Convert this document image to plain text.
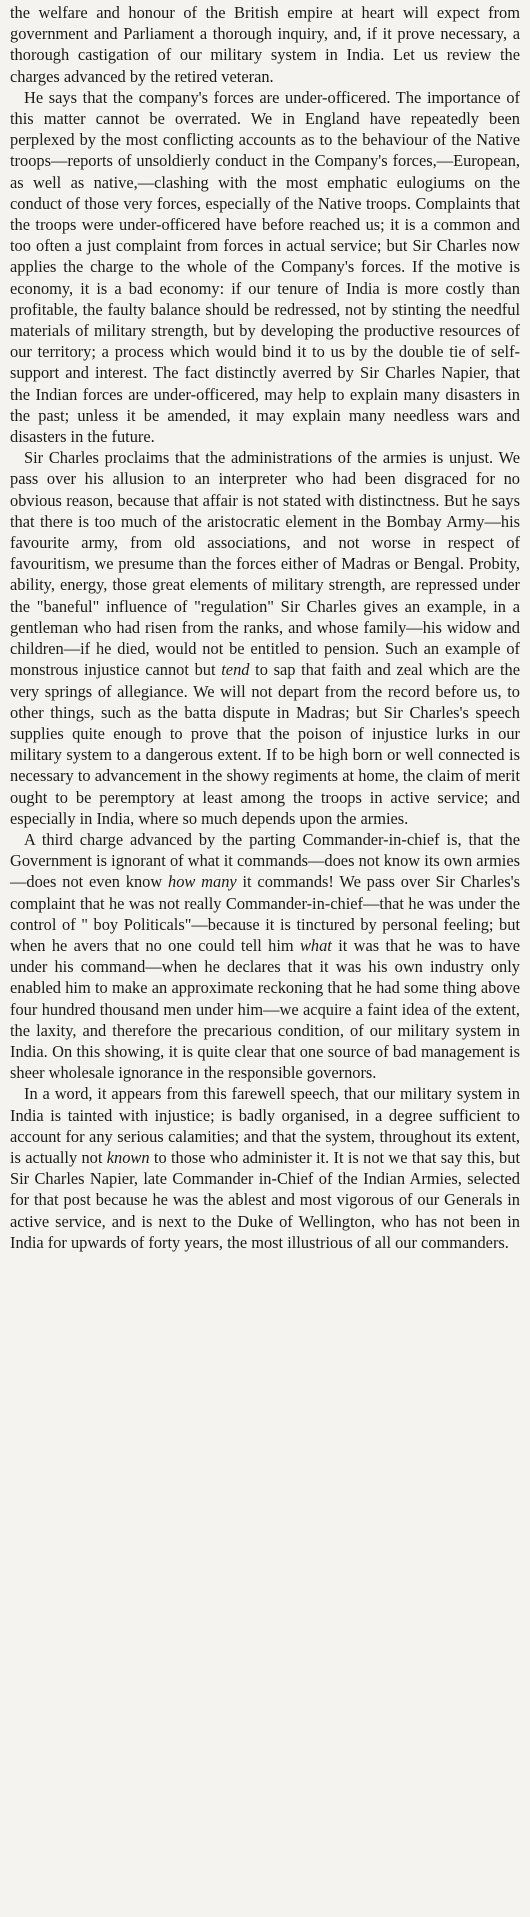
the welfare and honour of the British empire at heart will expect from government and Parliament a thorough inquiry, and, if it prove necessary, a thorough castigation of our military system in India. Let us review the charges advanced by the retired veteran.

He says that the company's forces are under-officered. The importance of this matter cannot be overrated. We in England have repeatedly been perplexed by the most conflicting accounts as to the behaviour of the Native troops—reports of unsoldierly conduct in the Company's forces,—European, as well as native,—clashing with the most emphatic eulogiums on the conduct of those very forces, especially of the Native troops. Complaints that the troops were under-officered have before reached us; it is a common and too often a just complaint from forces in actual service; but Sir Charles now applies the charge to the whole of the Company's forces. If the motive is economy, it is a bad economy: if our tenure of India is more costly than profitable, the faulty balance should be redressed, not by stinting the needful materials of military strength, but by developing the productive resources of our territory; a process which would bind it to us by the double tie of self-support and interest. The fact distinctly averred by Sir Charles Napier, that the Indian forces are under-officered, may help to explain many disasters in the past; unless it be amended, it may explain many needless wars and disasters in the future.

Sir Charles proclaims that the administrations of the armies is unjust. We pass over his allusion to an interpreter who had been disgraced for no obvious reason, because that affair is not stated with distinctness. But he says that there is too much of the aristocratic element in the Bombay Army—his favourite army, from old associations, and not worse in respect of favouritism, we presume than the forces either of Madras or Bengal. Probity, ability, energy, those great elements of military strength, are repressed under the "baneful" influence of "regulation" Sir Charles gives an example, in a gentleman who had risen from the ranks, and whose family—his widow and children—if he died, would not be entitled to pension. Such an example of monstrous injustice cannot but tend to sap that faith and zeal which are the very springs of allegiance. We will not depart from the record before us, to other things, such as the batta dispute in Madras; but Sir Charles's speech supplies quite enough to prove that the poison of injustice lurks in our military system to a dangerous extent. If to be high born or well connected is necessary to advancement in the showy regiments at home, the claim of merit ought to be peremptory at least among the troops in active service; and especially in India, where so much depends upon the armies.

A third charge advanced by the parting Commander-in-chief is, that the Government is ignorant of what it commands—does not know its own armies—does not even know how many it commands! We pass over Sir Charles's complaint that he was not really Commander-in-chief—that he was under the control of " boy Politicals"—because it is tinctured by personal feeling; but when he avers that no one could tell him what it was that he was to have under his command—when he declares that it was his own industry only enabled him to make an approximate reckoning that he had some thing above four hundred thousand men under him—we acquire a faint idea of the extent, the laxity, and therefore the precarious condition, of our military system in India. On this showing, it is quite clear that one source of bad management is sheer wholesale ignorance in the responsible governors.

In a word, it appears from this farewell speech, that our military system in India is tainted with injustice; is badly organised, in a degree sufficient to account for any serious calamities; and that the system, throughout its extent, is actually not known to those who administer it. It is not we that say this, but Sir Charles Napier, late Commander in-Chief of the Indian Armies, selected for that post because he was the ablest and most vigorous of our Generals in active service, and is next to the Duke of Wellington, who has not been in India for upwards of forty years, the most illustrious of all our commanders.
